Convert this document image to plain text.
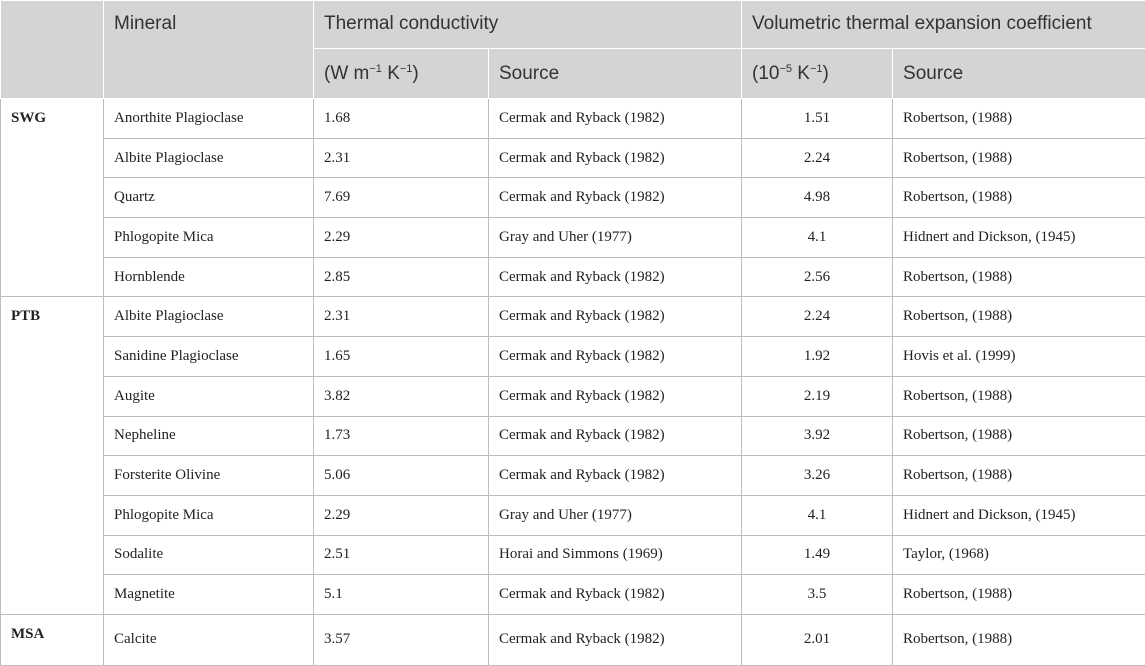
	Mineral	Thermal conductivity		Volumetric thermal expansion coefficient	
		(W $m^{-1}$ $K^{-1}$)	Source	($10^{-5}$ $K^{-1}$)	Source
SWG	Anorthite Plagioclase	1.68	Cermak and Ryback (1982)	1.51	Robertson, (1988)
	Albite Plagioclase	2.31	Cermak and Ryback (1982)	2.24	Robertson, (1988)
	Quartz	7.69	Cermak and Ryback (1982)	4.98	Robertson, (1988)
	Phlogopite Mica	2.29	Gray and Uher (1977)	4.1	Hidnert and Dickson, (1945)
	Hornblende	2.85	Cermak and Ryback (1982)	2.56	Robertson, (1988)
PTB	Albite Plagioclase	2.31	Cermak and Ryback (1982)	2.24	Robertson, (1988)
	Sanidine Plagioclase	1.65	Cermak and Ryback (1982)	1.92	Hovis et al. (1999)
	Augite	3.82	Cermak and Ryback (1982)	2.19	Robertson, (1988)
	Nepheline	1.73	Cermak and Ryback (1982)	3.92	Robertson, (1988)
	Forsterite Olivine	5.06	Cermak and Ryback (1982)	3.26	Robertson, (1988)
	Phlogopite Mica	2.29	Gray and Uher (1977)	4.1	Hidnert and Dickson, (1945)
	Sodalite	2.51	Horai and Simmons (1969)	1.49	Taylor, (1968)
	Magnetite	5.1	Cermak and Ryback (1982)	3.5	Robertson, (1988)
MSA	Calcite	3.57	Cermak and Ryback (1982)	2.01	Robertson, (1988)
